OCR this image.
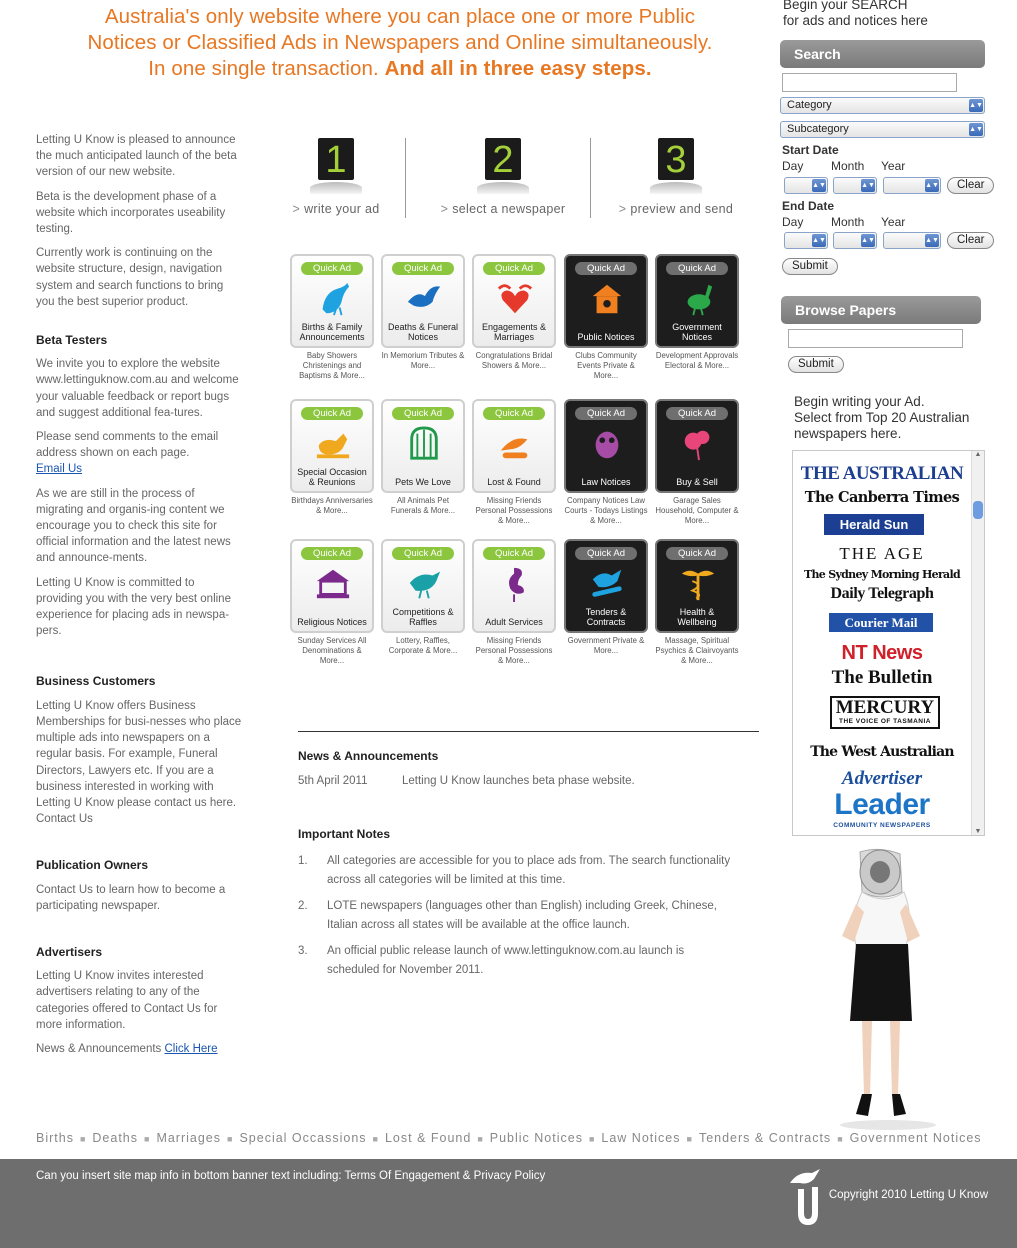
Australia's only website where you can place one or more Public
Notices or Classified Ads in Newspapers and Online simultaneously.
In one single transaction. And all in three easy steps.

Letting U Know is pleased to announce the much anticipated launch of the beta version of our new website.

Beta is the development phase of a website which incorporates useability testing.

Currently work is continuing on the website structure, design, navigation system and search functions to bring you the best superior product.

Beta Testers

We invite you to explore the website www.lettinguknow.com.au and welcome your valuable feedback or report bugs and suggest additional fea-tures.

Please send comments to the email address shown on each page.
Email Us

As we are still in the process of migrating and organis-ing content we encourage you to check this site for official information and the latest news and announce-ments.

Letting U Know is committed to providing you with the very best online experience for placing ads in newspa-pers.

Business Customers

Letting U Know offers Business Memberships for busi-nesses who place multiple ads into newspapers on a regular basis. For example, Funeral Directors, Lawyers etc. If you are a business interested in working with Letting U Know please contact us here. Contact Us

Publication Owners

Contact Us to learn how to become a participating newspaper.

Advertisers

Letting U Know invites interested advertisers relating to any of the categories offered to Contact Us for more information.

News & Announcements Click Here

1
> write your ad
2
> select a newspaper
3
> preview and send
Quick Ad
Births & Family Announcements
Baby Showers Christenings and Baptisms & More...
Quick Ad
Deaths & Funeral Notices
In Memorium Tributes & More...
Quick Ad
Engagements & Marriages
Congratulations Bridal Showers & More...
Quick Ad
Public Notices
Clubs Community Events Private & More...
Quick Ad
Government Notices
Development Approvals Electoral & More...
Quick Ad
Special Occasion & Reunions
Birthdays Anniversaries & More...
Quick Ad
Pets We Love
All Animals Pet Funerals & More...
Quick Ad
Lost & Found
Missing Friends Personal Possessions & More...
Quick Ad
Law Notices
Company Notices Law Courts - Todays Listings & More...
Quick Ad
Buy & Sell
Garage Sales Household, Computer & More...
Quick Ad
Religious Notices
Sunday Services All Denominations & More...
Quick Ad
Competitions & Raffles
Lottery, Raffles, Corporate & More...
Quick Ad
Adult Services
Missing Friends Personal Possessions & More...
Quick Ad
Tenders & Contracts
Government Private & More...
Quick Ad
Health & Wellbeing
Massage, Spiritual Psychics & Clairvoyants & More...
News & Announcements
5th April 2011	Letting U Know launches beta phase website.
Important Notes
1.	All categories are accessible for you to place ads from. The search functionality across all categories will be limited at this time.
2.	LOTE newspapers (languages other than English) including Greek, Chinese, Italian across all states will be available at the office launch.
3.	An official public release launch of www.lettinguknow.com.au launch is scheduled for November 2011.
Begin your SEARCH
for ads and notices here
Search
Category	▲▼
Subcategory	▲▼
Start Date
Day Month Year
▲▼	▲▼	▲▼	Clear
End Date
Day Month Year
▲▼	▲▼	▲▼	Clear
Submit
Browse Papers
Submit
Begin writing your Ad.
Select from Top 20 Australian
newspapers here.
THE AUSTRALIAN
The Canberra Times
Herald Sun
THE AGE
The Sydney Morning Herald
Daily Telegraph
Courier Mail
NT News
The Bulletin
MERCURY
THE VOICE OF TASMANIA
The West Australian
Advertiser
Leader
COMMUNITY NEWSPAPERS
▲
▼
Births ■ Deaths ■ Marriages ■ Special Occassions ■ Lost & Found ■ Public Notices ■ Law Notices ■ Tenders & Contracts ■ Government Notices
Can you insert site map info in bottom banner text including: Terms Of Engagement & Privacy Policy
Copyright 2010 Letting U Know
